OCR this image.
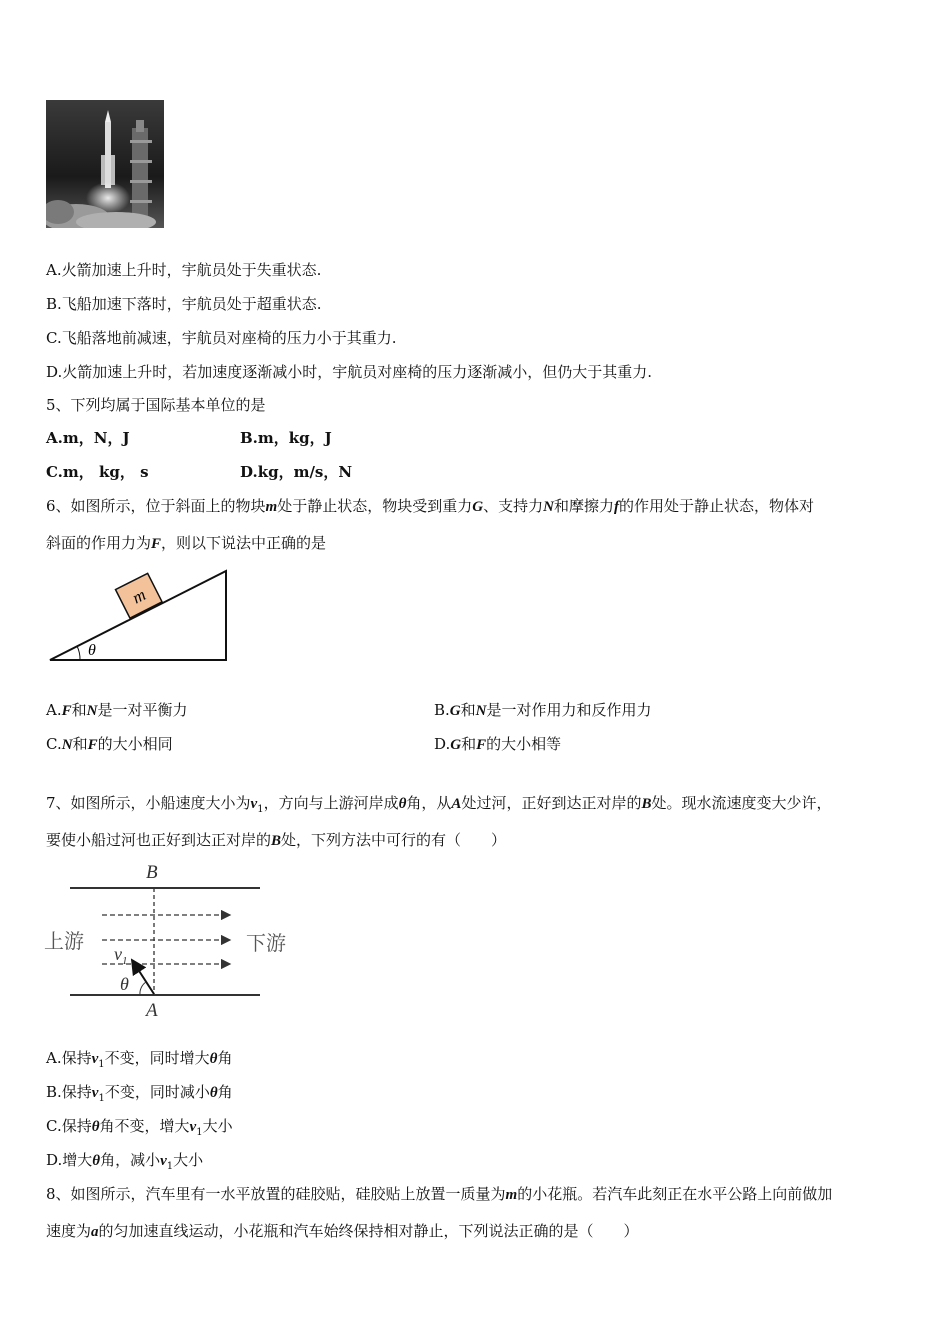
A.火箭加速上升时，宇航员处于失重状态.
B.飞船加速下落时，宇航员处于超重状态.
C.飞船落地前减速，宇航员对座椅的压力小于其重力.
D.火箭加速上升时，若加速度逐渐减小时，宇航员对座椅的压力逐渐减小，但仍大于其重力.
5、下列均属于国际基本单位的是
A.m，N，J	B.m，kg，J
C.m， kg， s	D.kg，m/s，N
6、如图所示，位于斜面上的物块m处于静止状态，物块受到重力G、支持力N和摩擦力f的作用处于静止状态，物体对
斜面的作用力为F，则以下说法中正确的是
m
θ
A.F和N是一对平衡力	B.G和N是一对作用力和反作用力
C.N和F的大小相同	D.G和F的大小相等
7、如图所示，小船速度大小为$v_1$，方向与上游河岸成θ角，从A处过河，正好到达正对岸的B处。现水流速度变大少许，
要使小船过河也正好到达正对岸的B处，下列方法中可行的有（　　）
B
上游	下游
$v_1$
θ
A
A.保持$v_1$不变，同时增大θ角
B.保持$v_1$不变，同时减小θ角
C.保持θ角不变，增大$v_1$大小
D.增大θ角，减小$v_1$大小
8、如图所示，汽车里有一水平放置的硅胶贴，硅胶贴上放置一质量为m的小花瓶。若汽车此刻正在水平公路上向前做加
速度为a的匀加速直线运动，小花瓶和汽车始终保持相对静止，下列说法正确的是（　　）
